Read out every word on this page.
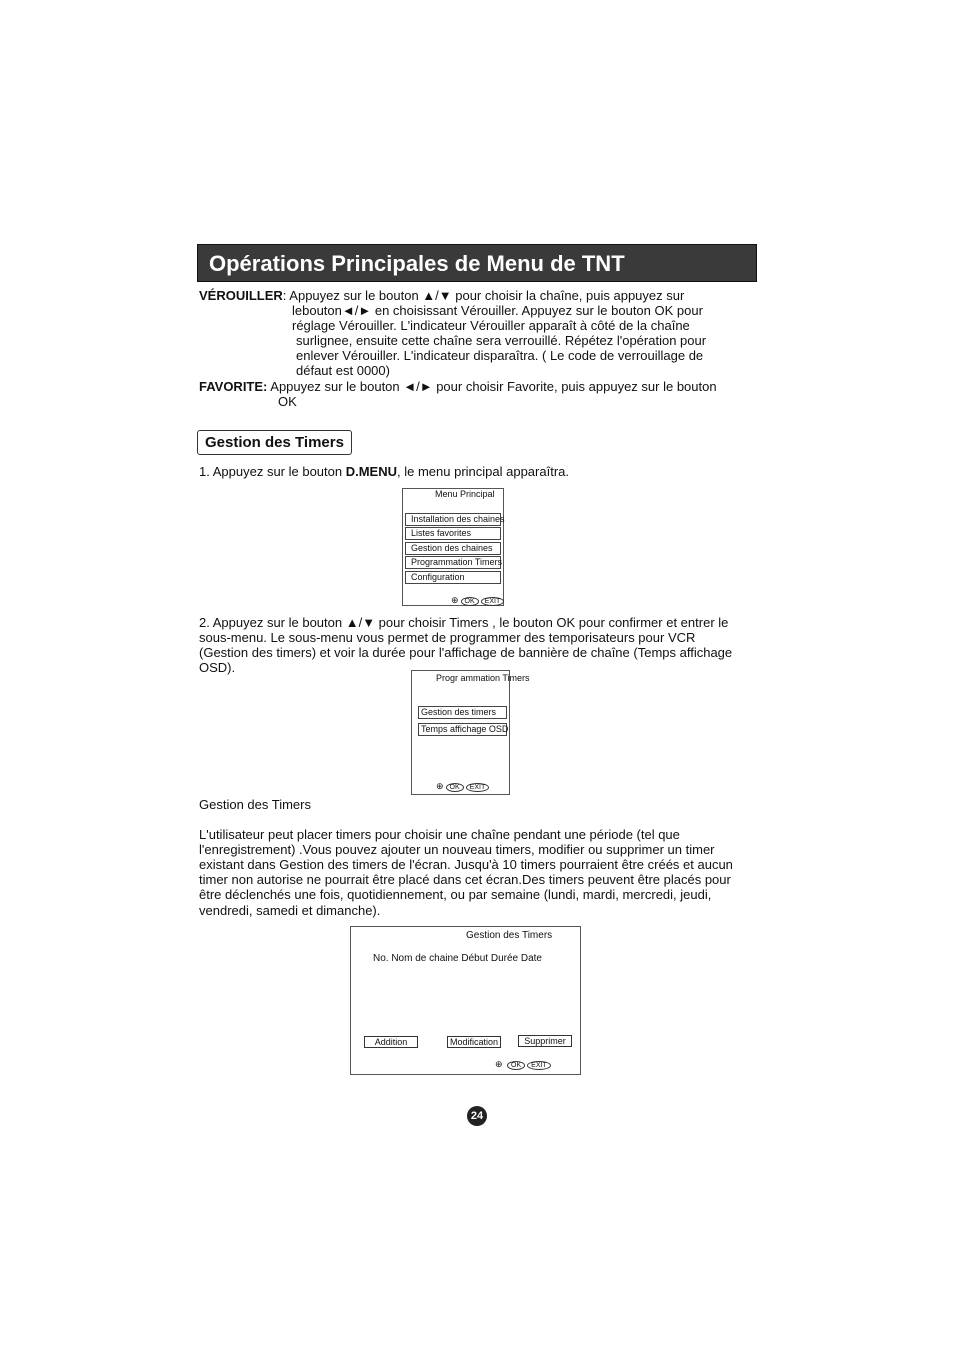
Opérations Principales de Menu de TNT
VÉROUILLER: Appuyez sur le bouton ▲/▼ pour choisir la chaîne, puis appuyez sur
lebouton◄/► en choisissant Vérouiller. Appuyez sur le bouton OK pour
réglage Vérouiller. L'indicateur Vérouiller apparaît à côté de la chaîne
surlignee, ensuite cette chaîne sera verrouillé. Répétez l'opération pour
enlever Vérouiller. L'indicateur disparaîtra. ( Le code de verrouillage de
défaut est 0000)
FAVORITE: Appuyez sur le bouton ◄/► pour choisir Favorite, puis appuyez sur le bouton
OK
Gestion des Timers
1. Appuyez sur le bouton D.MENU, le menu principal apparaîtra.
Menu Principal
Installation des chaines
Listes favorites
Gestion des chaines
Programmation Timers
Configuration
⊕ OK EXIT
2. Appuyez sur le bouton ▲/▼ pour choisir Timers , le bouton OK pour confirmer et entrer le
sous-menu. Le sous-menu vous permet de programmer des temporisateurs pour VCR
(Gestion des timers) et voir la durée pour l'affichage de bannière de chaîne (Temps affichage
OSD).
Progr ammation Timers
Gestion des timers
Temps affichage OSD
⊕ OK EXIT
Gestion des Timers
L'utilisateur peut placer timers pour choisir une chaîne pendant une période (tel que
l'enregistrement) .Vous pouvez ajouter un nouveau timers, modifier ou supprimer un timer
existant dans Gestion des timers de l'écran. Jusqu'à 10 timers pourraient être créés et aucun
timer non autorise ne pourrait être placé dans cet écran.Des timers peuvent être placés pour
être déclenchés une fois, quotidiennement, ou par semaine (lundi, mardi, mercredi, jeudi,
vendredi, samedi et dimanche).
Gestion des Timers
No. Nom de chaine Début Durée Date
Addition	Modification	Supprimer
⊕ OK EXIT
24
